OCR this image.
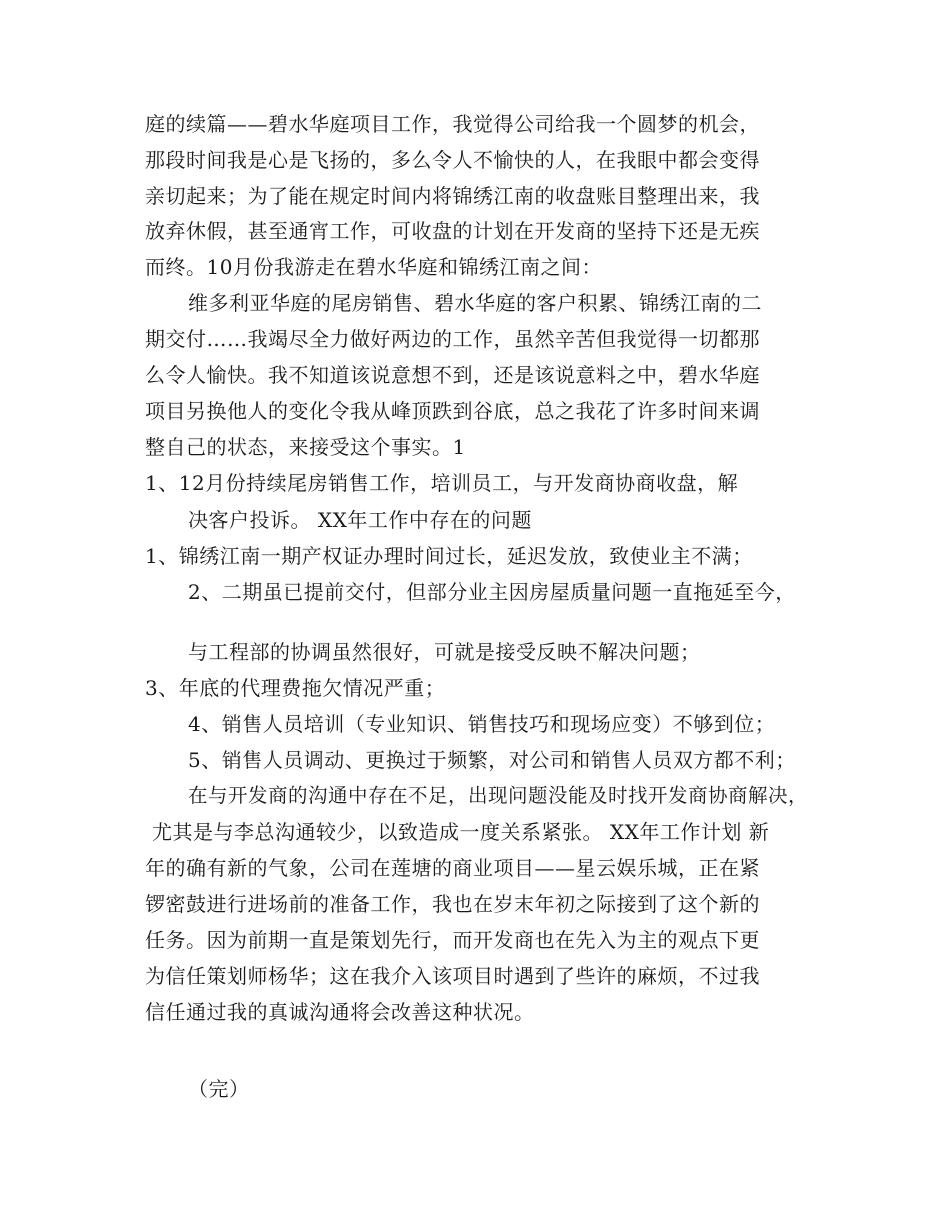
庭的续篇——碧水华庭项目工作，我觉得公司给我一个圆梦的机会，
那段时间我是心是飞扬的，多么令人不愉快的人，在我眼中都会变得
亲切起来；为了能在规定时间内将锦绣江南的收盘账目整理出来，我
放弃休假，甚至通宵工作，可收盘的计划在开发商的坚持下还是无疾
而终。10月份我游走在碧水华庭和锦绣江南之间：
维多利亚华庭的尾房销售、碧水华庭的客户积累、锦绣江南的二
期交付……我竭尽全力做好两边的工作，虽然辛苦但我觉得一切都那
么令人愉快。我不知道该说意想不到，还是该说意料之中，碧水华庭
项目另换他人的变化令我从峰顶跌到谷底，总之我花了许多时间来调
整自己的状态，来接受这个事实。1
1、12月份持续尾房销售工作，培训员工，与开发商协商收盘，解
决客户投诉。 XX年工作中存在的问题
1、锦绣江南一期产权证办理时间过长，延迟发放，致使业主不满；
2、二期虽已提前交付，但部分业主因房屋质量问题一直拖延至今，
与工程部的协调虽然很好，可就是接受反映不解决问题；
3、年底的代理费拖欠情况严重；
4、销售人员培训（专业知识、销售技巧和现场应变）不够到位；
5、销售人员调动、更换过于频繁，对公司和销售人员双方都不利；
在与开发商的沟通中存在不足，出现问题没能及时找开发商协商解决，
尤其是与李总沟通较少，以致造成一度关系紧张。 XX年工作计划 新
年的确有新的气象，公司在莲塘的商业项目——星云娱乐城，正在紧
锣密鼓进行进场前的准备工作，我也在岁末年初之际接到了这个新的
任务。因为前期一直是策划先行，而开发商也在先入为主的观点下更
为信任策划师杨华；这在我介入该项目时遇到了些许的麻烦，不过我
信任通过我的真诚沟通将会改善这种状况。
（完）
